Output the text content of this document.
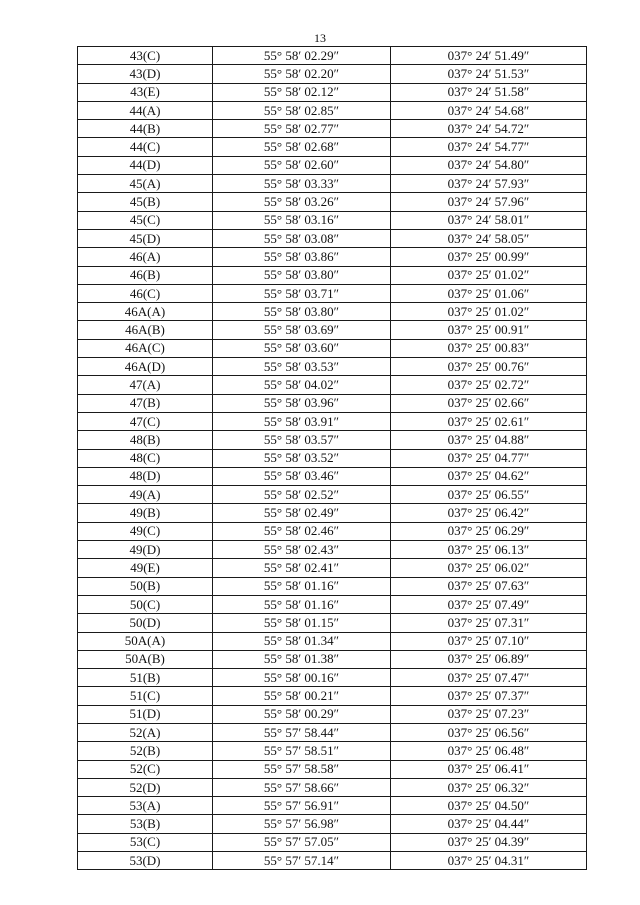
13
43(C)	55° 58′ 02.29″	037° 24′ 51.49″
43(D)	55° 58′ 02.20″	037° 24′ 51.53″
43(E)	55° 58′ 02.12″	037° 24′ 51.58″
44(A)	55° 58′ 02.85″	037° 24′ 54.68″
44(B)	55° 58′ 02.77″	037° 24′ 54.72″
44(C)	55° 58′ 02.68″	037° 24′ 54.77″
44(D)	55° 58′ 02.60″	037° 24′ 54.80″
45(A)	55° 58′ 03.33″	037° 24′ 57.93″
45(B)	55° 58′ 03.26″	037° 24′ 57.96″
45(C)	55° 58′ 03.16″	037° 24′ 58.01″
45(D)	55° 58′ 03.08″	037° 24′ 58.05″
46(A)	55° 58′ 03.86″	037° 25′ 00.99″
46(B)	55° 58′ 03.80″	037° 25′ 01.02″
46(C)	55° 58′ 03.71″	037° 25′ 01.06″
46A(A)	55° 58′ 03.80″	037° 25′ 01.02″
46A(B)	55° 58′ 03.69″	037° 25′ 00.91″
46A(C)	55° 58′ 03.60″	037° 25′ 00.83″
46A(D)	55° 58′ 03.53″	037° 25′ 00.76″
47(A)	55° 58′ 04.02″	037° 25′ 02.72″
47(B)	55° 58′ 03.96″	037° 25′ 02.66″
47(C)	55° 58′ 03.91″	037° 25′ 02.61″
48(B)	55° 58′ 03.57″	037° 25′ 04.88″
48(C)	55° 58′ 03.52″	037° 25′ 04.77″
48(D)	55° 58′ 03.46″	037° 25′ 04.62″
49(A)	55° 58′ 02.52″	037° 25′ 06.55″
49(B)	55° 58′ 02.49″	037° 25′ 06.42″
49(C)	55° 58′ 02.46″	037° 25′ 06.29″
49(D)	55° 58′ 02.43″	037° 25′ 06.13″
49(E)	55° 58′ 02.41″	037° 25′ 06.02″
50(B)	55° 58′ 01.16″	037° 25′ 07.63″
50(C)	55° 58′ 01.16″	037° 25′ 07.49″
50(D)	55° 58′ 01.15″	037° 25′ 07.31″
50A(A)	55° 58′ 01.34″	037° 25′ 07.10″
50A(B)	55° 58′ 01.38″	037° 25′ 06.89″
51(B)	55° 58′ 00.16″	037° 25′ 07.47″
51(C)	55° 58′ 00.21″	037° 25′ 07.37″
51(D)	55° 58′ 00.29″	037° 25′ 07.23″
52(A)	55° 57′ 58.44″	037° 25′ 06.56″
52(B)	55° 57′ 58.51″	037° 25′ 06.48″
52(C)	55° 57′ 58.58″	037° 25′ 06.41″
52(D)	55° 57′ 58.66″	037° 25′ 06.32″
53(A)	55° 57′ 56.91″	037° 25′ 04.50″
53(B)	55° 57′ 56.98″	037° 25′ 04.44″
53(C)	55° 57′ 57.05″	037° 25′ 04.39″
53(D)	55° 57′ 57.14″	037° 25′ 04.31″
